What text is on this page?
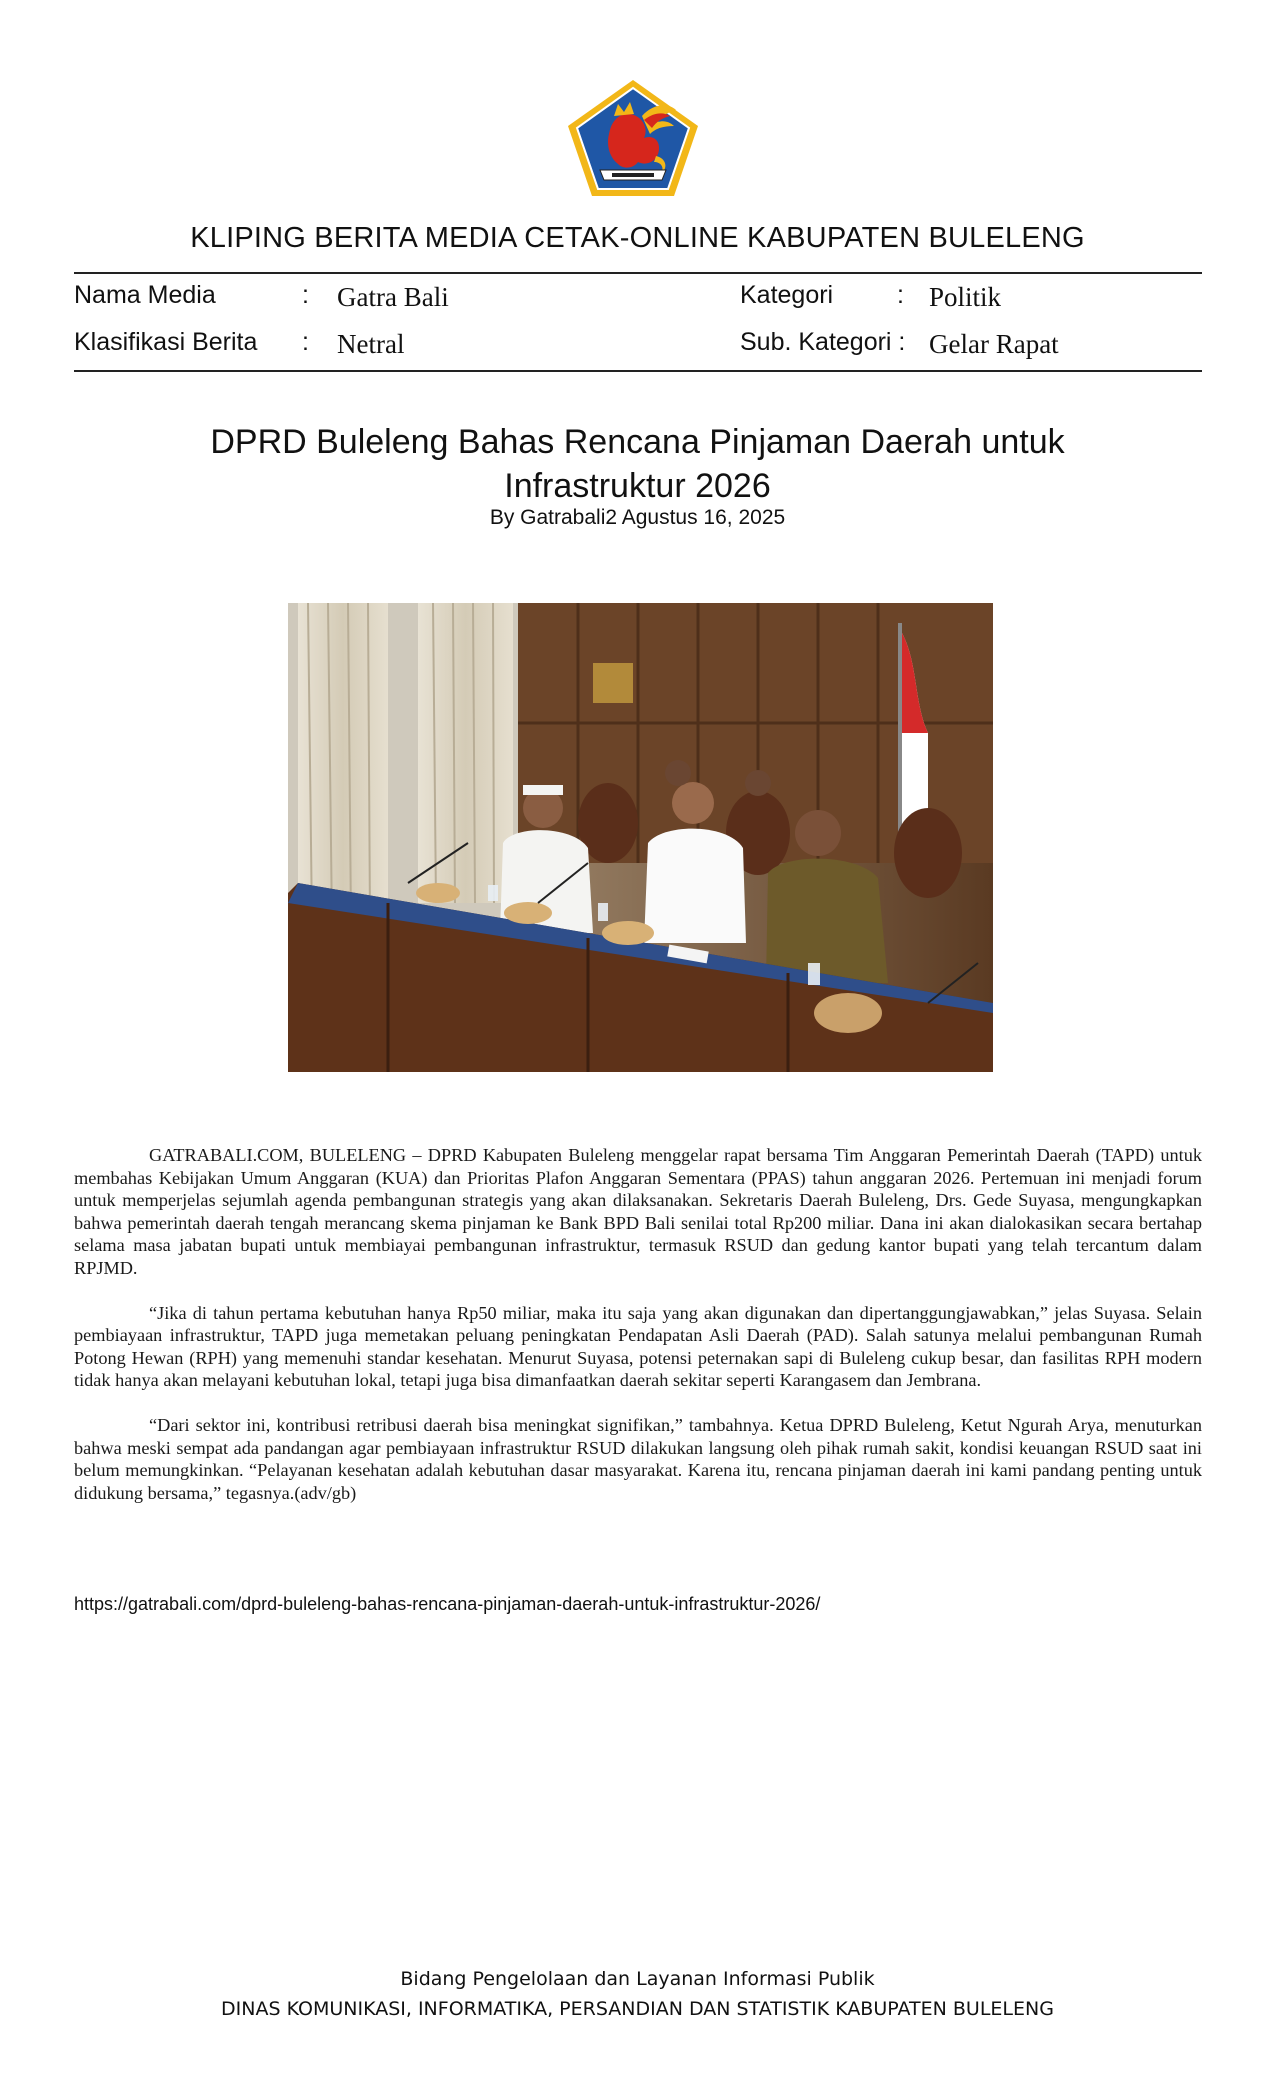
KLIPING BERITA MEDIA CETAK-ONLINE KABUPATEN BULELENG
Nama Media	: Gatra Bali	Kategori	: Politik
Klasifikasi Berita : Netral	Sub. Kategori : Gelar Rapat
DPRD Buleleng Bahas Rencana Pinjaman Daerah untuk
Infrastruktur 2026
By Gatrabali2 Agustus 16, 2025

GATRABALI.COM, BULELENG – DPRD Kabupaten Buleleng menggelar rapat bersama Tim Anggaran Pemerintah Daerah (TAPD) untuk membahas Kebijakan Umum Anggaran (KUA) dan Prioritas Plafon Anggaran Sementara (PPAS) tahun anggaran 2026. Pertemuan ini menjadi forum untuk memperjelas sejumlah agenda pembangunan strategis yang akan dilaksanakan. Sekretaris Daerah Buleleng, Drs. Gede Suyasa, mengungkapkan bahwa pemerintah daerah tengah merancang skema pinjaman ke Bank BPD Bali senilai total Rp200 miliar. Dana ini akan dialokasikan secara bertahap selama masa jabatan bupati untuk membiayai pembangunan infrastruktur, termasuk RSUD dan gedung kantor bupati yang telah tercantum dalam RPJMD.

“Jika di tahun pertama kebutuhan hanya Rp50 miliar, maka itu saja yang akan digunakan dan dipertanggungjawabkan,” jelas Suyasa. Selain pembiayaan infrastruktur, TAPD juga memetakan peluang peningkatan Pendapatan Asli Daerah (PAD). Salah satunya melalui pembangunan Rumah Potong Hewan (RPH) yang memenuhi standar kesehatan. Menurut Suyasa, potensi peternakan sapi di Buleleng cukup besar, dan fasilitas RPH modern tidak hanya akan melayani kebutuhan lokal, tetapi juga bisa dimanfaatkan daerah sekitar seperti Karangasem dan Jembrana.

“Dari sektor ini, kontribusi retribusi daerah bisa meningkat signifikan,” tambahnya. Ketua DPRD Buleleng, Ketut Ngurah Arya, menuturkan bahwa meski sempat ada pandangan agar pembiayaan infrastruktur RSUD dilakukan langsung oleh pihak rumah sakit, kondisi keuangan RSUD saat ini belum memungkinkan. “Pelayanan kesehatan adalah kebutuhan dasar masyarakat. Karena itu, rencana pinjaman daerah ini kami pandang penting untuk didukung bersama,” tegasnya.(adv/gb)

https://gatrabali.com/dprd-buleleng-bahas-rencana-pinjaman-daerah-untuk-infrastruktur-2026/
Bidang Pengelolaan dan Layanan Informasi Publik
DINAS KOMUNIKASI, INFORMATIKA, PERSANDIAN DAN STATISTIK KABUPATEN BULELENG
